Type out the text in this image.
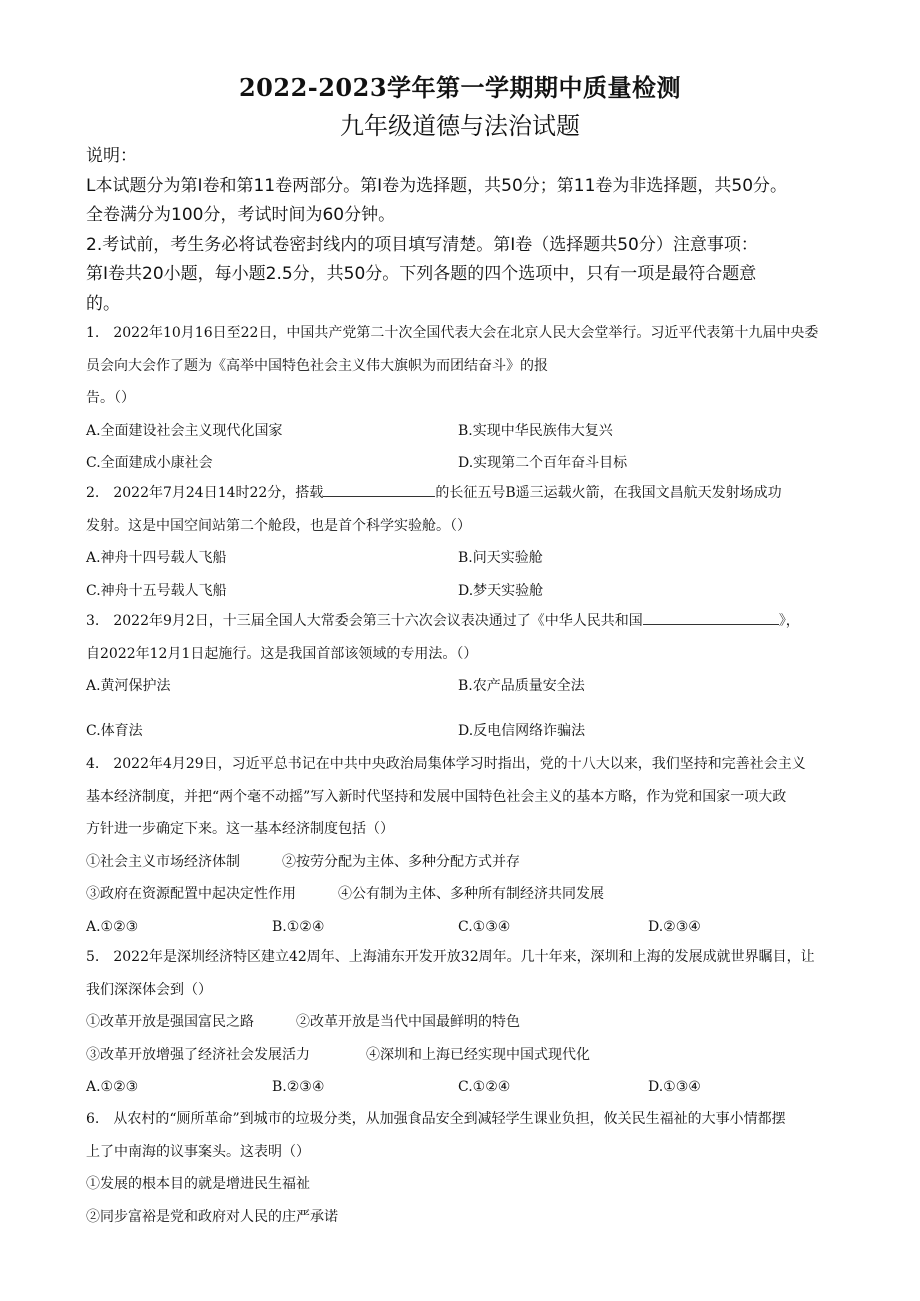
2022-2023学年第一学期期中质量检测
九年级道德与法治试题

说明：

L本试题分为第I卷和第11卷两部分。第I卷为选择题，共50分；第11卷为非选择题，共50分。

全卷满分为100分，考试时间为60分钟。

2.考试前，考生务必将试卷密封线内的项目填写清楚。第I卷（选择题共50分）注意事项：

第I卷共20小题，每小题2.5分，共50分。下列各题的四个选项中，只有一项是最符合题意

的。

1.　2022年10月16日至22日，中国共产党第二十次全国代表大会在北京人民大会堂举行。习近平代表第十九届中央委

员会向大会作了题为《高举中国特色社会主义伟大旗帜为而团结奋斗》的报

告。（）

A.全面建设社会主义现代化国家	B.实现中华民族伟大复兴
C.全面建成小康社会	D.实现第二个百年奋斗目标

2.　2022年7月24日14时22分，搭载	的长征五号B遥三运载火箭，在我国文昌航天发射场成功

发射。这是中国空间站第二个舱段，也是首个科学实验舱。（）

A.神舟十四号载人飞船	B.问天实验舱
C.神舟十五号载人飞船	D.梦天实验舱

3.　2022年9月2日，十三届全国人大常委会第三十六次会议表决通过了《中华人民共和国	》，

自2022年12月1日起施行。这是我国首部该领域的专用法。（）

A.黄河保护法	B.农产品质量安全法
C.体育法	D.反电信网络诈骗法

4.　2022年4月29日，习近平总书记在中共中央政治局集体学习时指出，党的十八大以来，我们坚持和完善社会主义

基本经济制度，并把“两个毫不动摇”写入新时代坚持和发展中国特色社会主义的基本方略，作为党和国家一项大政

方针进一步确定下来。这一基本经济制度包括（）

①社会主义市场经济体制　　　②按劳分配为主体、多种分配方式并存

③政府在资源配置中起决定性作用　　　④公有制为主体、多种所有制经济共同发展

A.①②③	B.①②④	C.①③④	D.②③④

5.　2022年是深圳经济特区建立42周年、上海浦东开发开放32周年。几十年来，深圳和上海的发展成就世界瞩目，让

我们深深体会到（）

①改革开放是强国富民之路　　　②改革开放是当代中国最鲜明的特色

③改革开放增强了经济社会发展活力　　　　④深圳和上海已经实现中国式现代化

A.①②③	B.②③④	C.①②④	D.①③④

6.　从农村的“厕所革命”到城市的垃圾分类，从加强食品安全到减轻学生课业负担，攸关民生福祉的大事小情都摆

上了中南海的议事案头。这表明（）

①发展的根本目的就是增进民生福祉

②同步富裕是党和政府对人民的庄严承诺
